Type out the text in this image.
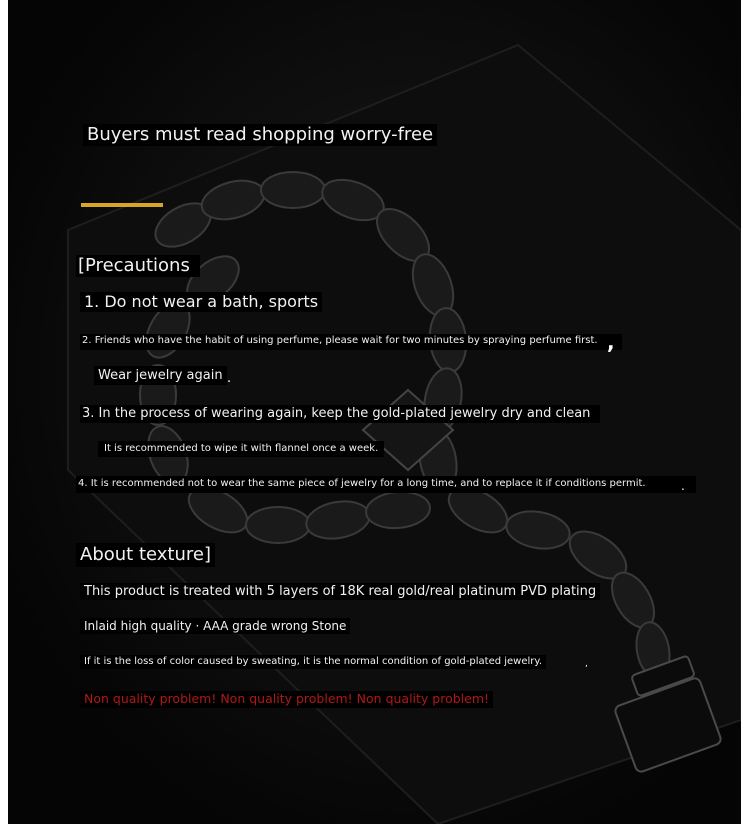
Buyers must read shopping worry-free
[Precautions
1. Do not wear a bath, sports
2. Friends who have the habit of using perfume, please wait for two minutes by spraying perfume first. ,
Wear jewelry again .
3. In the process of wearing again, keep the gold-plated jewelry dry and clean
It is recommended to wipe it with flannel once a week.
4. It is recommended not to wear the same piece of jewelry for a long time, and to replace it if conditions permit.	.
About texture]
This product is treated with 5 layers of 18K real gold/real platinum PVD plating
Inlaid high quality · AAA grade wrong Stone
If it is the loss of color caused by sweating, it is the normal condition of gold-plated jewelry.	,
Non quality problem! Non quality problem! Non quality problem!
